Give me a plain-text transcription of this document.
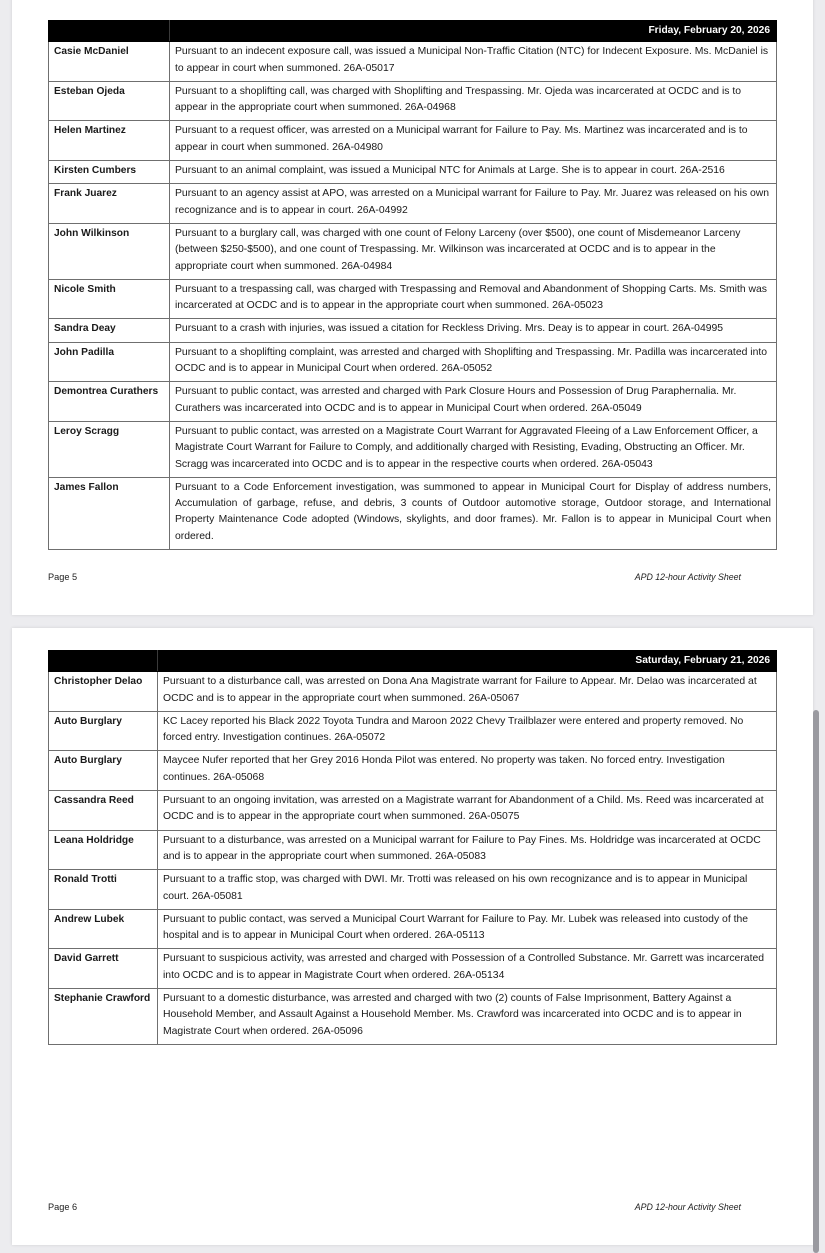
	Friday, February 20, 2026
Casie McDaniel	Pursuant to an indecent exposure call, was issued a Municipal Non-Traffic Citation (NTC) for Indecent Exposure. Ms. McDaniel is to appear in court when summoned. 26A-05017
Esteban Ojeda	Pursuant to a shoplifting call, was charged with Shoplifting and Trespassing. Mr. Ojeda was incarcerated at OCDC and is to appear in the appropriate court when summoned. 26A-04968
Helen Martinez	Pursuant to a request officer, was arrested on a Municipal warrant for Failure to Pay. Ms. Martinez was incarcerated and is to appear in court when summoned. 26A-04980
Kirsten Cumbers	Pursuant to an animal complaint, was issued a Municipal NTC for Animals at Large. She is to appear in court. 26A-2516
Frank Juarez	Pursuant to an agency assist at APO, was arrested on a Municipal warrant for Failure to Pay. Mr. Juarez was released on his own recognizance and is to appear in court. 26A-04992
John Wilkinson	Pursuant to a burglary call, was charged with one count of Felony Larceny (over $500), one count of Misdemeanor Larceny (between $250-$500), and one count of Trespassing. Mr. Wilkinson was incarcerated at OCDC and is to appear in the appropriate court when summoned. 26A-04984
Nicole Smith	Pursuant to a trespassing call, was charged with Trespassing and Removal and Abandonment of Shopping Carts. Ms. Smith was incarcerated at OCDC and is to appear in the appropriate court when summoned. 26A-05023
Sandra Deay	Pursuant to a crash with injuries, was issued a citation for Reckless Driving. Mrs. Deay is to appear in court. 26A-04995
John Padilla	Pursuant to a shoplifting complaint, was arrested and charged with Shoplifting and Trespassing. Mr. Padilla was incarcerated into OCDC and is to appear in Municipal Court when ordered. 26A-05052
Demontrea Curathers	Pursuant to public contact, was arrested and charged with Park Closure Hours and Possession of Drug Paraphernalia. Mr. Curathers was incarcerated into OCDC and is to appear in Municipal Court when ordered. 26A-05049
Leroy Scragg	Pursuant to public contact, was arrested on a Magistrate Court Warrant for Aggravated Fleeing of a Law Enforcement Officer, a Magistrate Court Warrant for Failure to Comply, and additionally charged with Resisting, Evading, Obstructing an Officer. Mr. Scragg was incarcerated into OCDC and is to appear in the respective courts when ordered. 26A-05043
James Fallon	Pursuant to a Code Enforcement investigation, was summoned to appear in Municipal Court for Display of address numbers, Accumulation of garbage, refuse, and debris, 3 counts of Outdoor automotive storage, Outdoor storage, and International Property Maintenance Code adopted (Windows, skylights, and door frames). Mr. Fallon is to appear in Municipal Court when ordered.
Page 5	APD 12-hour Activity Sheet
	Saturday, February 21, 2026
Christopher Delao	Pursuant to a disturbance call, was arrested on Dona Ana Magistrate warrant for Failure to Appear. Mr. Delao was incarcerated at OCDC and is to appear in the appropriate court when summoned. 26A-05067
Auto Burglary	KC Lacey reported his Black 2022 Toyota Tundra and Maroon 2022 Chevy Trailblazer were entered and property removed. No forced entry. Investigation continues. 26A-05072
Auto Burglary	Maycee Nufer reported that her Grey 2016 Honda Pilot was entered. No property was taken. No forced entry. Investigation continues. 26A-05068
Cassandra Reed	Pursuant to an ongoing invitation, was arrested on a Magistrate warrant for Abandonment of a Child. Ms. Reed was incarcerated at OCDC and is to appear in the appropriate court when summoned. 26A-05075
Leana Holdridge	Pursuant to a disturbance, was arrested on a Municipal warrant for Failure to Pay Fines. Ms. Holdridge was incarcerated at OCDC and is to appear in the appropriate court when summoned. 26A-05083
Ronald Trotti	Pursuant to a traffic stop, was charged with DWI. Mr. Trotti was released on his own recognizance and is to appear in Municipal court. 26A-05081
Andrew Lubek	Pursuant to public contact, was served a Municipal Court Warrant for Failure to Pay. Mr. Lubek was released into custody of the hospital and is to appear in Municipal Court when ordered. 26A-05113
David Garrett	Pursuant to suspicious activity, was arrested and charged with Possession of a Controlled Substance. Mr. Garrett was incarcerated into OCDC and is to appear in Magistrate Court when ordered. 26A-05134
Stephanie Crawford	Pursuant to a domestic disturbance, was arrested and charged with two (2) counts of False Imprisonment, Battery Against a Household Member, and Assault Against a Household Member. Ms. Crawford was incarcerated into OCDC and is to appear in Magistrate Court when ordered. 26A-05096
Page 6	APD 12-hour Activity Sheet
